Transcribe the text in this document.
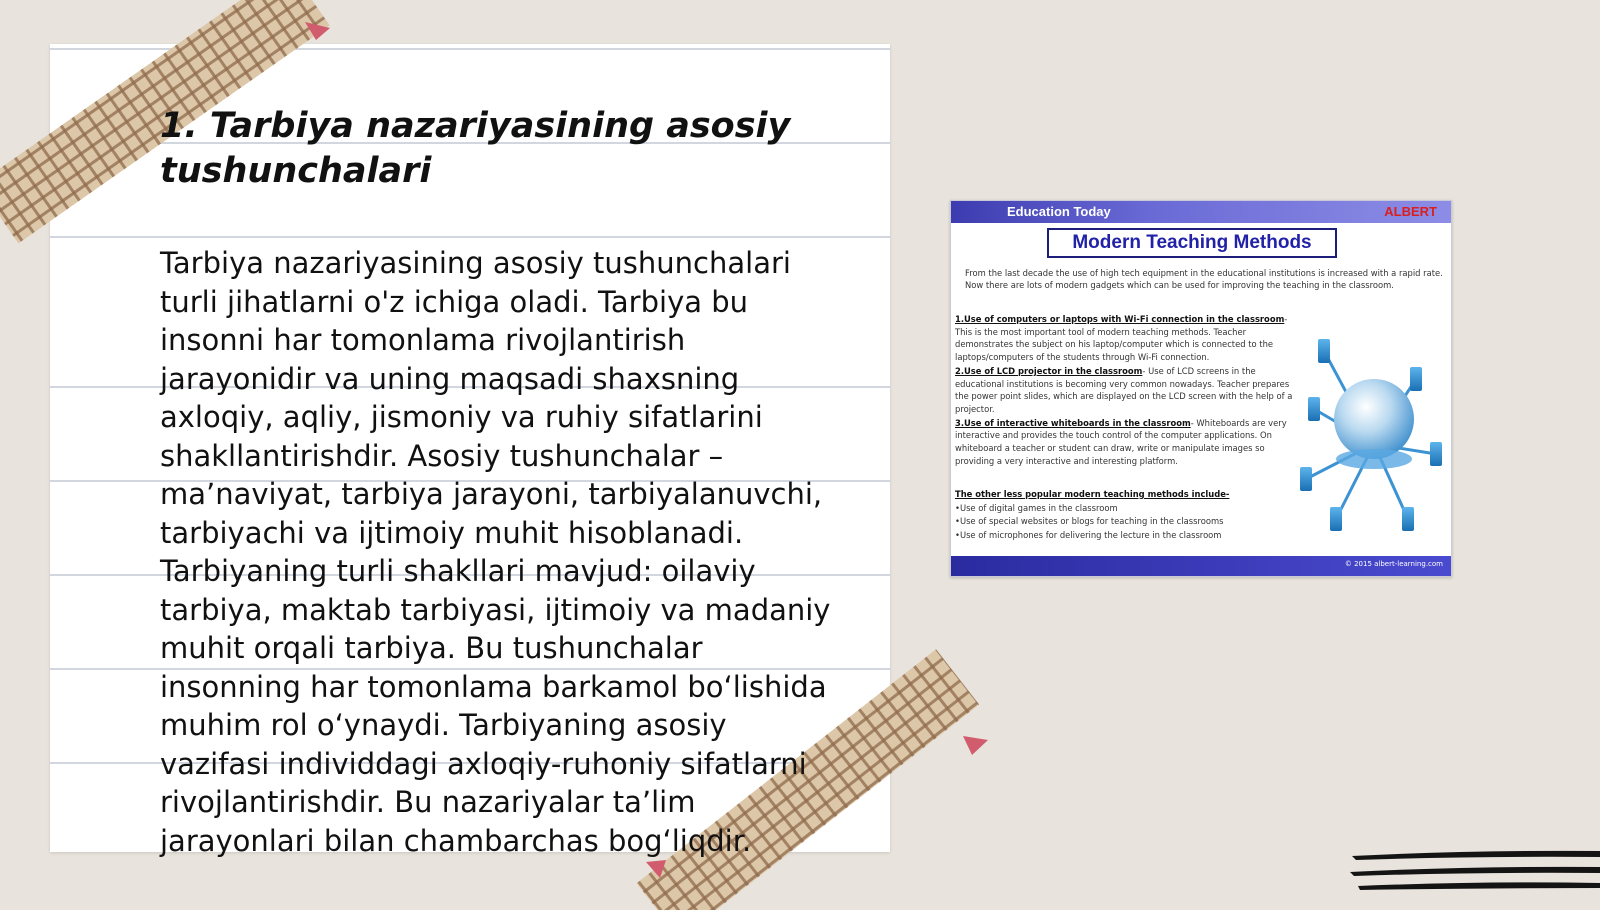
1. Tarbiya nazariyasining asosiy
tushunchalari

Tarbiya nazariyasining asosiy tushunchalari turli jihatlarni o'z ichiga oladi. Tarbiya bu insonni har tomonlama rivojlantirish jarayonidir va uning maqsadi shaxsning axloqiy, aqliy, jismoniy va ruhiy sifatlarini shakllantirishdir. Asosiy tushunchalar – ma’naviyat, tarbiya jarayoni, tarbiyalanuvchi, tarbiyachi va ijtimoiy muhit hisoblanadi. Tarbiyaning turli shakllari mavjud: oilaviy tarbiya, maktab tarbiyasi, ijtimoiy va madaniy muhit orqali tarbiya. Bu tushunchalar insonning har tomonlama barkamol bo‘lishida muhim rol o‘ynaydi. Tarbiyaning asosiy vazifasi individdagi axloqiy-ruhoniy sifatlarni rivojlantirishdir. Bu nazariyalar ta’lim jarayonlari bilan chambarchas bog‘liqdir.

Education Today	ALBERT
Modern Teaching Methods
From the last decade the use of high tech equipment in the educational institutions is increased with a rapid rate. Now there are lots of modern gadgets which can be used for improving the teaching in the classroom.
1.Use of computers or laptops with Wi-Fi connection in the classroom- This is the most important tool of modern teaching methods. Teacher demonstrates the subject on his laptop/computer which is connected to the laptops/computers of the students through Wi-Fi connection.
2.Use of LCD projector in the classroom- Use of LCD screens in the educational institutions is becoming very common nowadays. Teacher prepares the power point slides, which are displayed on the LCD screen with the help of a projector.
3.Use of interactive whiteboards in the classroom- Whiteboards are very interactive and provides the touch control of the computer applications. On whiteboard a teacher or student can draw, write or manipulate images so providing a very interactive and interesting platform.
The other less popular modern teaching methods include-
•Use of digital games in the classroom
•Use of special websites or blogs for teaching in the classrooms
•Use of microphones for delivering the lecture in the classroom
© 2015 albert-learning.com
